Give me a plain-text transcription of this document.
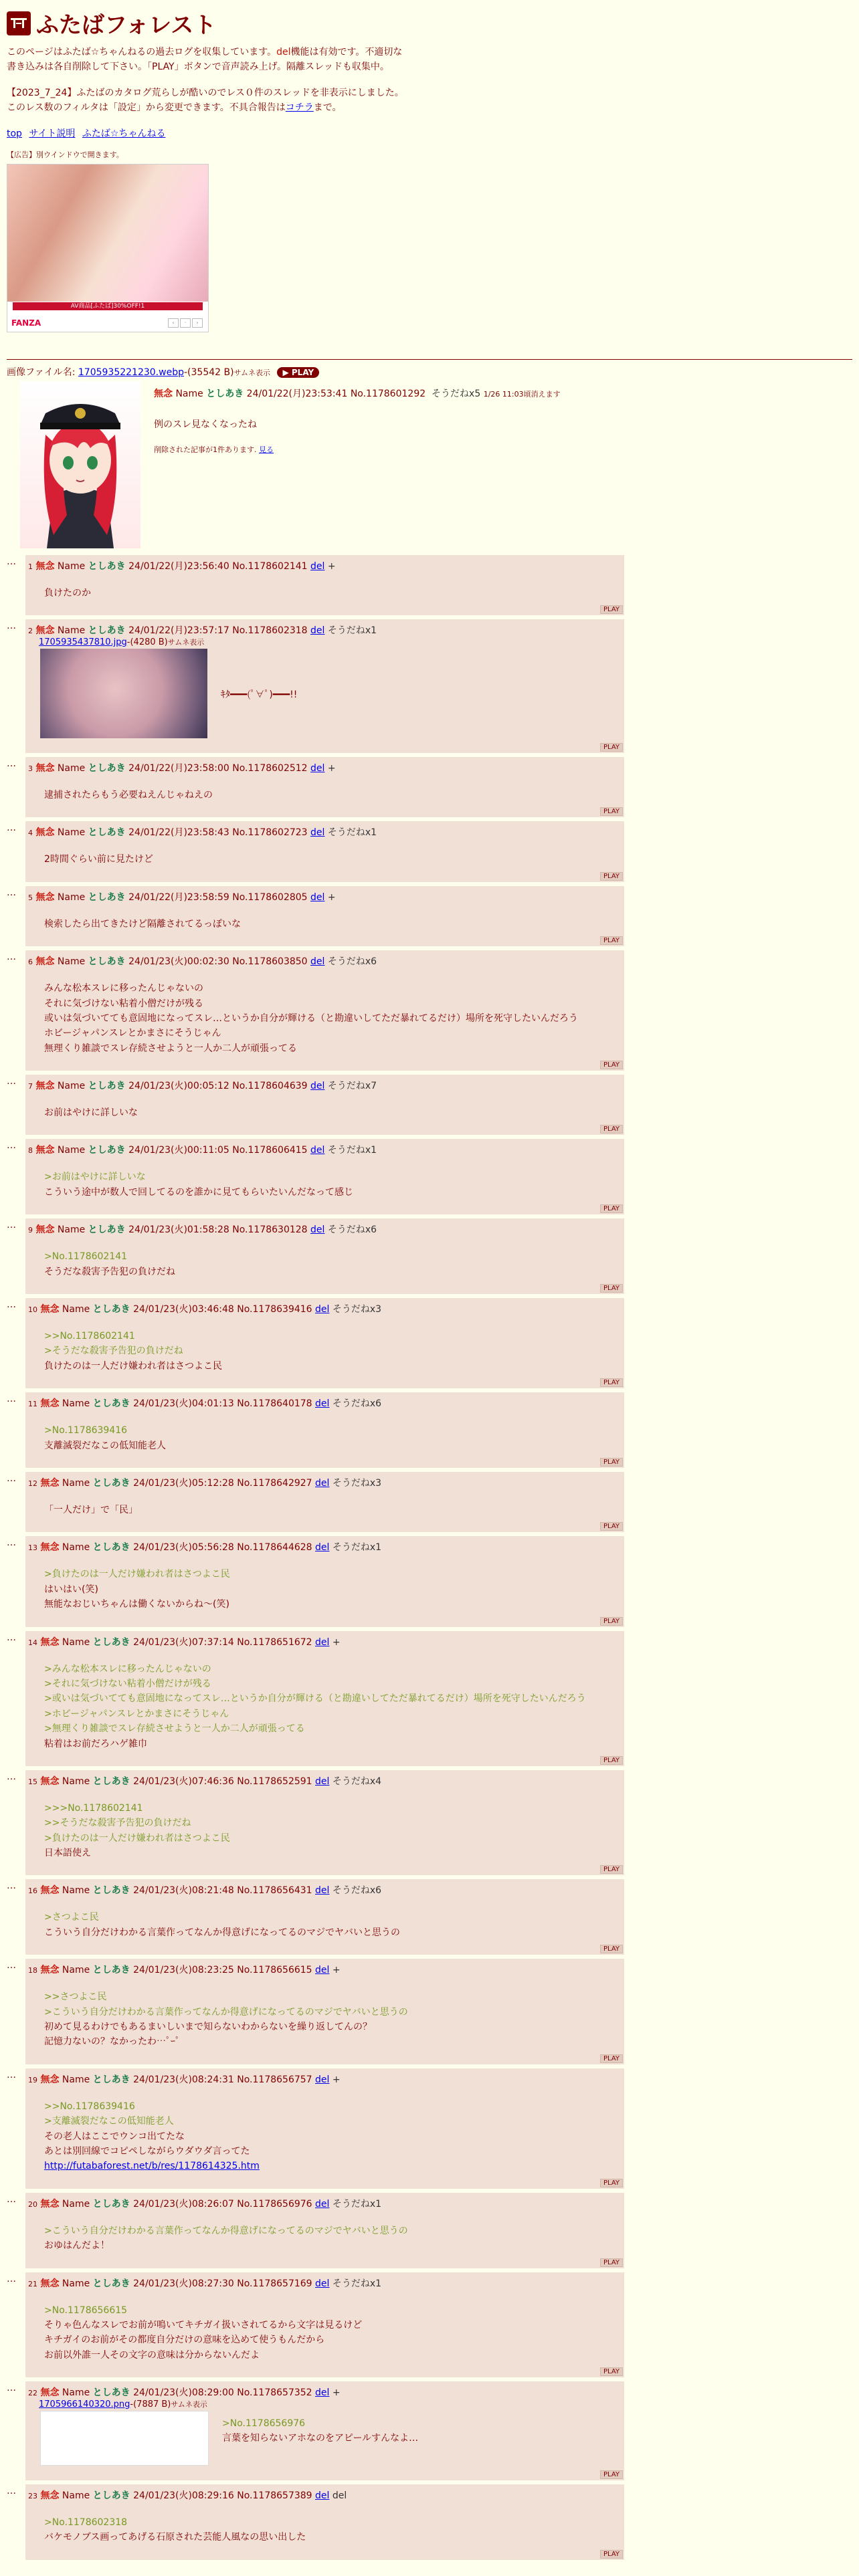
ふたばフォレスト

このページはふたば☆ちゃんねるの過去ログを収集しています。del機能は有効です。不適切な書き込みは各自削除して下さい。「PLAY」ボタンで音声読み上げ。隔離スレッドも収集中。

【2023_7_24】ふたばのカタログ荒らしが酷いのでレス０件のスレッドを非表示にしました。このレス数のフィルタは「設定」から変更できます。不具合報告はコチラまで。

top サイト説明 ふたば☆ちゃんねる
【広告】別ウインドウで開きます。
AV商品[ふたば]30%OFF!1
FANZA	‹	·	›
画像ファイル名: 1705935221230.webp-(35542 B)サムネ表示 ▶ PLAY
無念 Name としあき 24/01/22(月)23:53:41 No.1178601292 そうだねx5 1/26 11:03頃消えます
例のスレ見なくなったね
削除された記事が1件あります. 見る
…	1 無念 Name としあき 24/01/22(月)23:56:40 No.1178602141 del +
負けたのか
PLAY
…	2 無念 Name としあき 24/01/22(月)23:57:17 No.1178602318 del そうだねx1
1705935437810.jpg-(4280 B)サムネ表示
ｷﾀ━━━(ﾟ∀ﾟ)━━━!!
PLAY
…	3 無念 Name としあき 24/01/22(月)23:58:00 No.1178602512 del +
逮捕されたらもう必要ねえんじゃねえの
PLAY
…	4 無念 Name としあき 24/01/22(月)23:58:43 No.1178602723 del そうだねx1
2時間ぐらい前に見たけど
PLAY
…	5 無念 Name としあき 24/01/22(月)23:58:59 No.1178602805 del +
検索したら出てきたけど隔離されてるっぽいな
PLAY
…	6 無念 Name としあき 24/01/23(火)00:02:30 No.1178603850 del そうだねx6
みんな松本スレに移ったんじゃないの
それに気づけない粘着小僧だけが残る
或いは気づいてても意固地になってスレ…というか自分が輝ける（と勘違いしてただ暴れてるだけ）場所を死守したいんだろう
ホビージャパンスレとかまさにそうじゃん
無理くり雑談でスレ存続させようと一人か二人が頑張ってる
PLAY
…	7 無念 Name としあき 24/01/23(火)00:05:12 No.1178604639 del そうだねx7
お前はやけに詳しいな
PLAY
…	8 無念 Name としあき 24/01/23(火)00:11:05 No.1178606415 del そうだねx1
>お前はやけに詳しいな
こういう途中が数人で回してるのを誰かに見てもらいたいんだなって感じ
PLAY
…	9 無念 Name としあき 24/01/23(火)01:58:28 No.1178630128 del そうだねx6
>No.1178602141
そうだな殺害予告犯の負けだね
PLAY
…	10 無念 Name としあき 24/01/23(火)03:46:48 No.1178639416 del そうだねx3
>>No.1178602141
>そうだな殺害予告犯の負けだね
負けたのは一人だけ嫌われ者はさつよこ民
PLAY
…	11 無念 Name としあき 24/01/23(火)04:01:13 No.1178640178 del そうだねx6
>No.1178639416
支離滅裂だなこの低知能老人
PLAY
…	12 無念 Name としあき 24/01/23(火)05:12:28 No.1178642927 del そうだねx3
「一人だけ」で「民」
PLAY
…	13 無念 Name としあき 24/01/23(火)05:56:28 No.1178644628 del そうだねx1
>負けたのは一人だけ嫌われ者はさつよこ民
はいはい(笑)
無能なおじいちゃんは働くないからね〜(笑)
PLAY
…	14 無念 Name としあき 24/01/23(火)07:37:14 No.1178651672 del +
>みんな松本スレに移ったんじゃないの
>それに気づけない粘着小僧だけが残る
>或いは気づいてても意固地になってスレ…というか自分が輝ける（と勘違いしてただ暴れてるだけ）場所を死守したいんだろう
>ホビージャパンスレとかまさにそうじゃん
>無理くり雑談でスレ存続させようと一人か二人が頑張ってる
粘着はお前だろハゲ雑巾
PLAY
…	15 無念 Name としあき 24/01/23(火)07:46:36 No.1178652591 del そうだねx4
>>>No.1178602141
>>そうだな殺害予告犯の負けだね
>負けたのは一人だけ嫌われ者はさつよこ民
日本語使え
PLAY
…	16 無念 Name としあき 24/01/23(火)08:21:48 No.1178656431 del そうだねx6
>さつよこ民
こういう自分だけわかる言葉作ってなんか得意げになってるのマジでヤバいと思うの
PLAY
…	18 無念 Name としあき 24/01/23(火)08:23:25 No.1178656615 del +
>>さつよこ民
>こういう自分だけわかる言葉作ってなんか得意げになってるのマジでヤバいと思うの
初めて見るわけでもあるまいしいまで知らないわからないを繰り返してんの？
記憶力ないの？なかったわ…ﾟｰﾟ
PLAY
…	19 無念 Name としあき 24/01/23(火)08:24:31 No.1178656757 del +
>>No.1178639416
>支離滅裂だなこの低知能老人
その老人はここでウンコ出てたな
あとは別回線でコピペしながらウダウダ言ってた
http://futabaforest.net/b/res/1178614325.htm
PLAY
…	20 無念 Name としあき 24/01/23(火)08:26:07 No.1178656976 del そうだねx1
>こういう自分だけわかる言葉作ってなんか得意げになってるのマジでヤバいと思うの
おゆはんだよ！
PLAY
…	21 無念 Name としあき 24/01/23(火)08:27:30 No.1178657169 del そうだねx1
>No.1178656615
そりゃ色んなスレでお前が鳴いてキチガイ扱いされてるから文字は見るけど
キチガイのお前がその都度自分だけの意味を込めて使うもんだから
お前以外誰一人その文字の意味は分からないんだよ
PLAY
…	22 無念 Name としあき 24/01/23(火)08:29:00 No.1178657352 del +
1705966140320.png-(7887 B)サムネ表示
>No.1178656976
言葉を知らないアホなのをアピールすんなよ…
PLAY
…	23 無念 Name としあき 24/01/23(火)08:29:16 No.1178657389 del del
>No.1178602318
バケモノブス画ってあげる石原された芸能人風なの思い出した
PLAY
